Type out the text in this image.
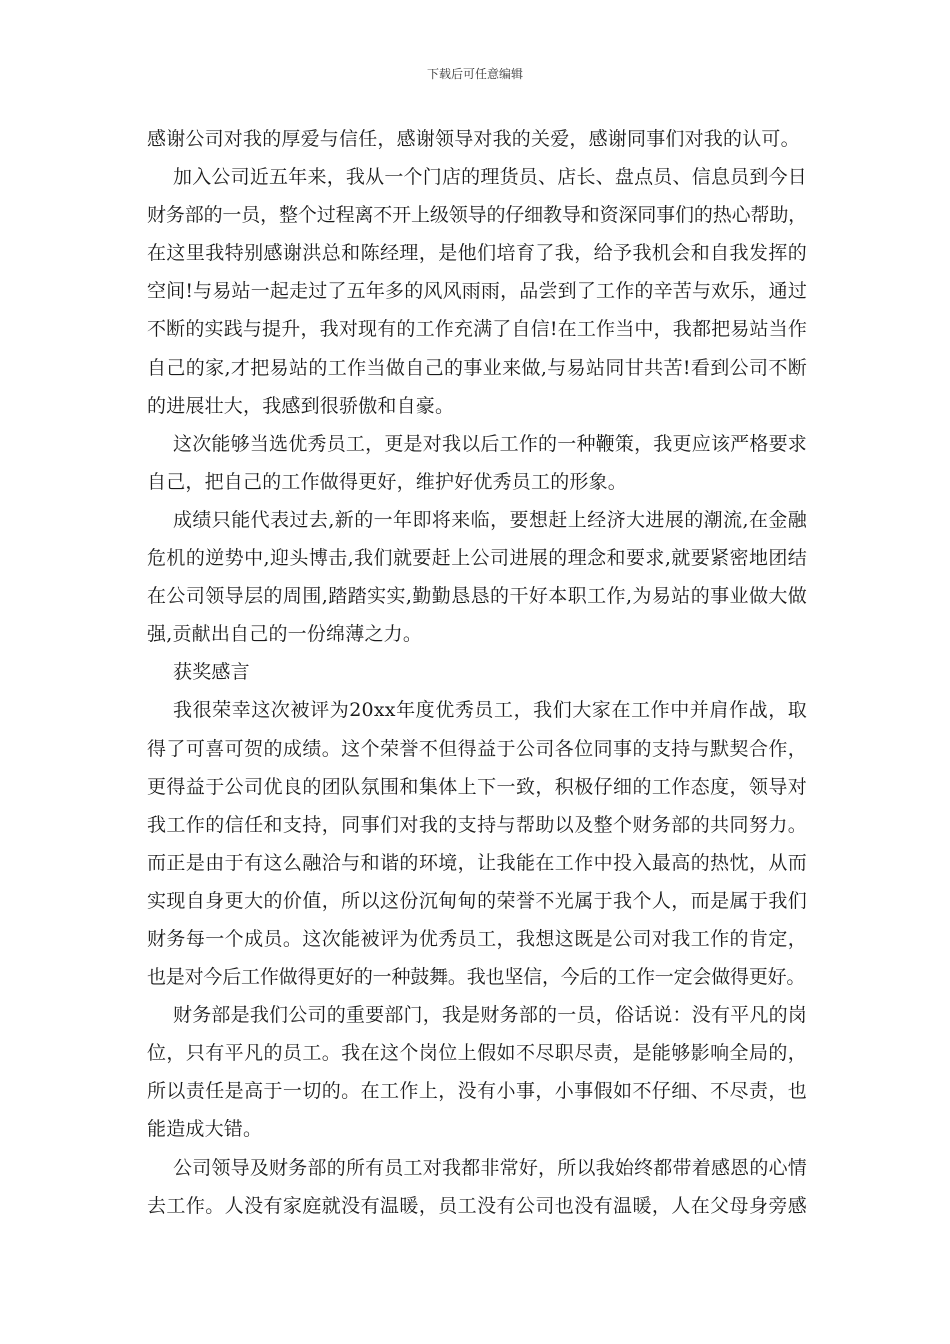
下载后可任意编辑
感谢公司对我的厚爱与信任，感谢领导对我的关爱，感谢同事们对我的认可。
加入公司近五年来，我从一个门店的理货员、店长、盘点员、信息员到今日
财务部的一员，整个过程离不开上级领导的仔细教导和资深同事们的热心帮助，
在这里我特别感谢洪总和陈经理，是他们培育了我，给予我机会和自我发挥的
空间!与易站一起走过了五年多的风风雨雨，品尝到了工作的辛苦与欢乐，通过
不断的实践与提升，我对现有的工作充满了自信!在工作当中，我都把易站当作
自己的家,才把易站的工作当做自己的事业来做,与易站同甘共苦!看到公司不断
的进展壮大，我感到很骄傲和自豪。
这次能够当选优秀员工，更是对我以后工作的一种鞭策，我更应该严格要求
自己，把自己的工作做得更好，维护好优秀员工的形象。
成绩只能代表过去,新的一年即将来临，要想赶上经济大进展的潮流,在金融
危机的逆势中,迎头博击,我们就要赶上公司进展的理念和要求,就要紧密地团结
在公司领导层的周围,踏踏实实,勤勤恳恳的干好本职工作,为易站的事业做大做
强,贡献出自己的一份绵薄之力。
获奖感言
我很荣幸这次被评为20xx年度优秀员工，我们大家在工作中并肩作战，取
得了可喜可贺的成绩。这个荣誉不但得益于公司各位同事的支持与默契合作，
更得益于公司优良的团队氛围和集体上下一致，积极仔细的工作态度，领导对
我工作的信任和支持，同事们对我的支持与帮助以及整个财务部的共同努力。
而正是由于有这么融洽与和谐的环境，让我能在工作中投入最高的热忱，从而
实现自身更大的价值，所以这份沉甸甸的荣誉不光属于我个人，而是属于我们
财务每一个成员。这次能被评为优秀员工，我想这既是公司对我工作的肯定，
也是对今后工作做得更好的一种鼓舞。我也坚信，今后的工作一定会做得更好。
财务部是我们公司的重要部门，我是财务部的一员，俗话说：没有平凡的岗
位，只有平凡的员工。我在这个岗位上假如不尽职尽责，是能够影响全局的，
所以责任是高于一切的。在工作上，没有小事，小事假如不仔细、不尽责，也
能造成大错。
公司领导及财务部的所有员工对我都非常好，所以我始终都带着感恩的心情
去工作。人没有家庭就没有温暖，员工没有公司也没有温暖，人在父母身旁感
